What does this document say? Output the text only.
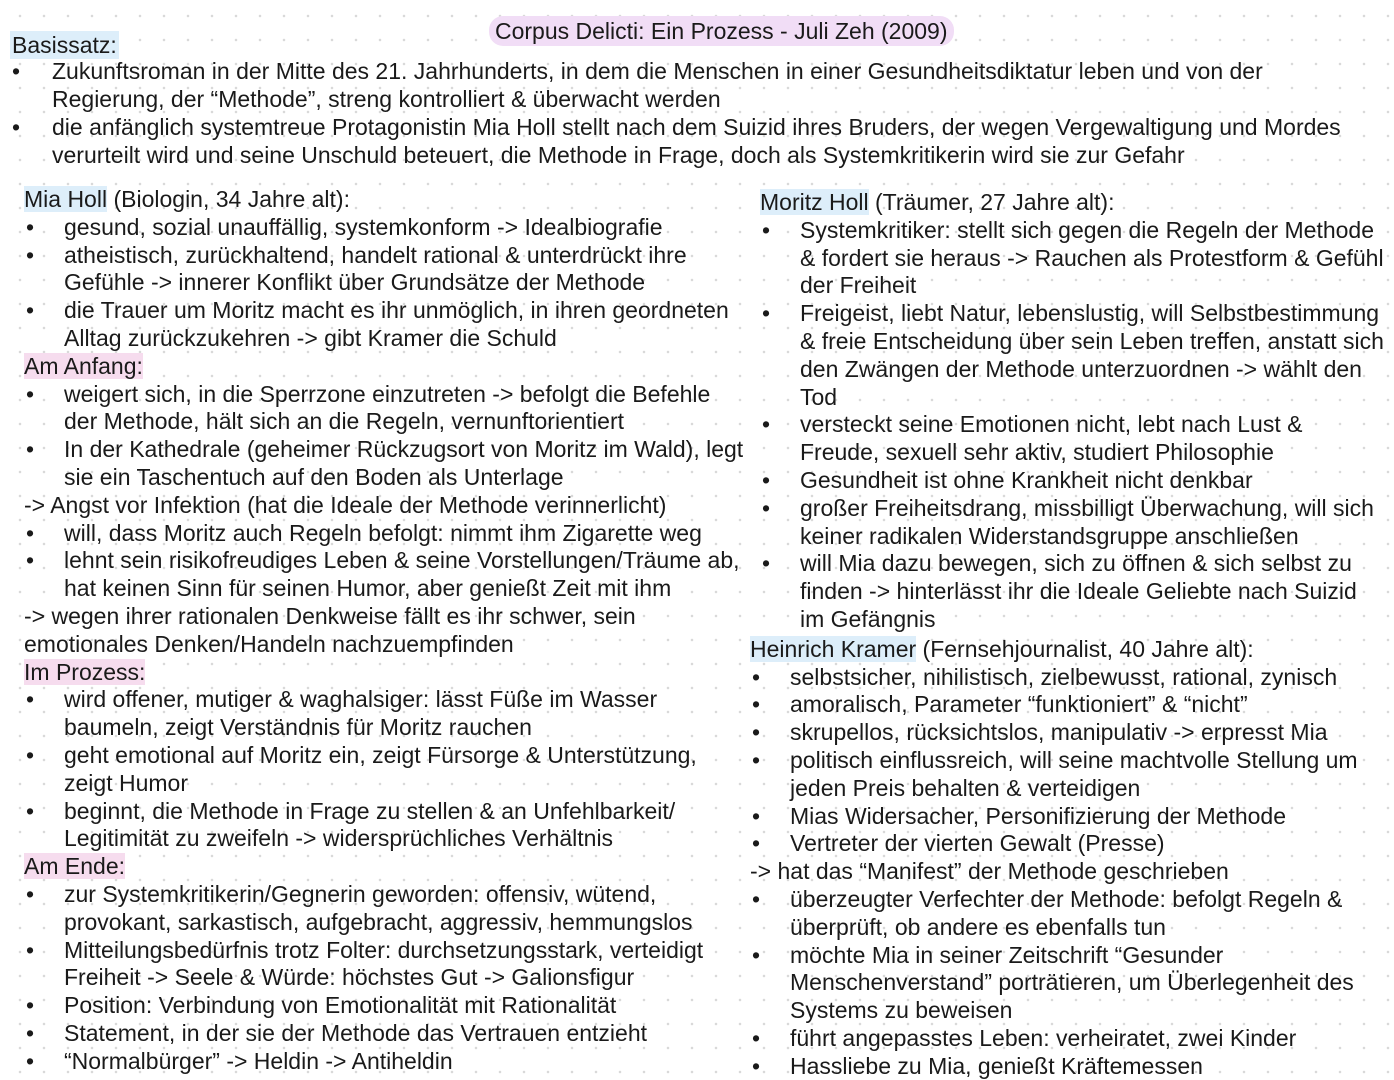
Corpus Delicti: Ein Prozess - Juli Zeh (2009)
Basissatz:
• Zukunftsroman in der Mitte des 21. Jahrhunderts, in dem die Menschen in einer Gesundheitsdiktatur leben und von der Regierung, der “Methode”, streng kontrolliert & überwacht werden
• die anfänglich systemtreue Protagonistin Mia Holl stellt nach dem Suizid ihres Bruders, der wegen Vergewaltigung und Mordes verurteilt wird und seine Unschuld beteuert, die Methode in Frage, doch als Systemkritikerin wird sie zur Gefahr
Mia Holl (Biologin, 34 Jahre alt):
• gesund, sozial unauffällig, systemkonform -> Idealbiografie
• atheistisch, zurückhaltend, handelt rational & unterdrückt ihre Gefühle -> innerer Konflikt über Grundsätze der Methode
• die Trauer um Moritz macht es ihr unmöglich, in ihren geordneten Alltag zurückzukehren -> gibt Kramer die Schuld
Am Anfang:
• weigert sich, in die Sperrzone einzutreten -> befolgt die Befehle der Methode, hält sich an die Regeln, vernunftorientiert
• In der Kathedrale (geheimer Rückzugsort von Moritz im Wald), legt sie ein Taschentuch auf den Boden als Unterlage
-> Angst vor Infektion (hat die Ideale der Methode verinnerlicht)
• will, dass Moritz auch Regeln befolgt: nimmt ihm Zigarette weg
• lehnt sein risikofreudiges Leben & seine Vorstellungen/Träume ab, hat keinen Sinn für seinen Humor, aber genießt Zeit mit ihm
-> wegen ihrer rationalen Denkweise fällt es ihr schwer, sein emotionales Denken/Handeln nachzuempfinden
Im Prozess:
• wird offener, mutiger & waghalsiger: lässt Füße im Wasser baumeln, zeigt Verständnis für Moritz rauchen
• geht emotional auf Moritz ein, zeigt Fürsorge & Unterstützung, zeigt Humor
• beginnt, die Methode in Frage zu stellen & an Unfehlbarkeit/ Legitimität zu zweifeln -> widersprüchliches Verhältnis
Am Ende:
• zur Systemkritikerin/Gegnerin geworden: offensiv, wütend, provokant, sarkastisch, aufgebracht, aggressiv, hemmungslos
• Mitteilungsbedürfnis trotz Folter: durchsetzungsstark, verteidigt Freiheit -> Seele & Würde: höchstes Gut -> Galionsfigur
• Position: Verbindung von Emotionalität mit Rationalität
• Statement, in der sie der Methode das Vertrauen entzieht
• “Normalbürger” -> Heldin -> Antiheldin
Moritz Holl (Träumer, 27 Jahre alt):
• Systemkritiker: stellt sich gegen die Regeln der Methode & fordert sie heraus -> Rauchen als Protestform & Gefühl der Freiheit
• Freigeist, liebt Natur, lebenslustig, will Selbstbestimmung & freie Entscheidung über sein Leben treffen, anstatt sich den Zwängen der Methode unterzuordnen -> wählt den Tod
• versteckt seine Emotionen nicht, lebt nach Lust & Freude, sexuell sehr aktiv, studiert Philosophie
• Gesundheit ist ohne Krankheit nicht denkbar
• großer Freiheitsdrang, missbilligt Überwachung, will sich keiner radikalen Widerstandsgruppe anschließen
• will Mia dazu bewegen, sich zu öffnen & sich selbst zu finden -> hinterlässt ihr die Ideale Geliebte nach Suizid im Gefängnis
Heinrich Kramer (Fernsehjournalist, 40 Jahre alt):
• selbstsicher, nihilistisch, zielbewusst, rational, zynisch
• amoralisch, Parameter “funktioniert” & “nicht”
• skrupellos, rücksichtslos, manipulativ -> erpresst Mia
• politisch einflussreich, will seine machtvolle Stellung um jeden Preis behalten & verteidigen
• Mias Widersacher, Personifizierung der Methode
• Vertreter der vierten Gewalt (Presse)
-> hat das “Manifest” der Methode geschrieben
• überzeugter Verfechter der Methode: befolgt Regeln & überprüft, ob andere es ebenfalls tun
• möchte Mia in seiner Zeitschrift “Gesunder Menschenverstand” porträtieren, um Überlegenheit des Systems zu beweisen
• führt angepasstes Leben: verheiratet, zwei Kinder
• Hassliebe zu Mia, genießt Kräftemessen
